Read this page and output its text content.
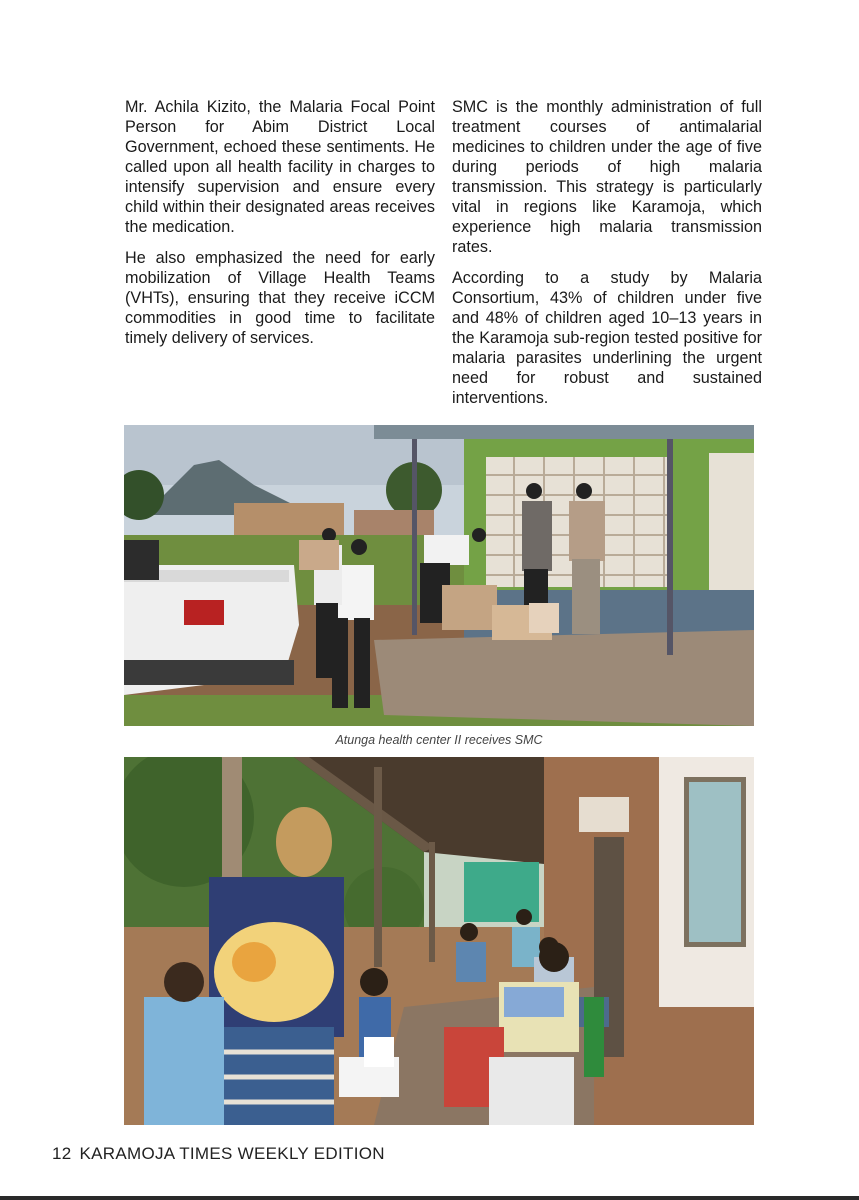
Mr. Achila Kizito, the Malaria Focal Point Person for Abim District Local Government, echoed these sentiments. He called upon all health facility in charges to intensify supervision and ensure every child within their designated areas receives the medication.

He also emphasized the need for early mobilization of Village Health Teams (VHTs), ensuring that they receive iCCM commodities in good time to facilitate timely delivery of services.

SMC is the monthly administration of full treatment courses of antimalarial medicines to children under the age of five during periods of high malaria transmission. This strategy is particularly vital in regions like Karamoja, which experience high malaria transmission rates.

According to a study by Malaria Consortium, 43% of children under five and 48% of children aged 10–13 years in the Karamoja sub-region tested positive for malaria parasites underlining the urgent need for robust and sustained interventions.

Atunga health center II receives SMC
12 KARAMOJA TIMES WEEKLY EDITION
